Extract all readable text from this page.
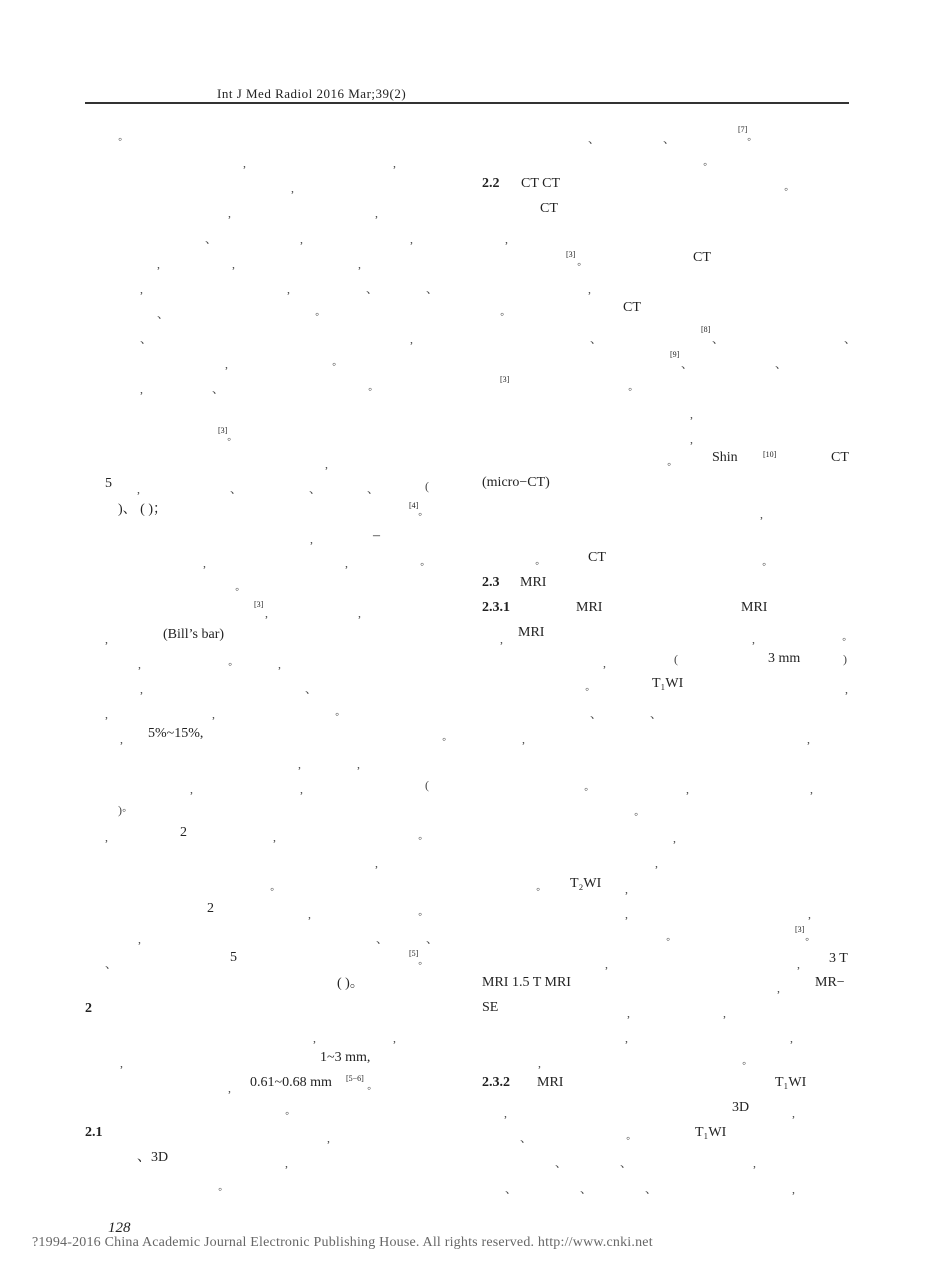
Int J Med Radiol 2016 Mar;39(2)
◦
,	,
,
,	,
、	,	,
,	,	,
,	,	、	、
、	◦
、	,
,	◦
,	、	◦
[3]
◦
,
5 ,	、	、	、	(
)、 ( )；	[4]
◦
,	–
,	,	◦
◦
[3]
,	,
,	(Bill’s bar)
,	◦	,
,	、
,	,	◦
, 5%~15%,	◦
,	,
,	,	(
)◦
,	2	,	◦
,
◦
2	,	◦
,	、	、
、	5	[5]
◦
( )。
2
,	,
,	1~3 mm,
, 0.61~0.68 mm [5−6]
◦
◦
2.1	,
、3D	,
◦
、	、
[7]
◦
◦
2.2 CT CT	◦
CT
,
[3]
◦	CT
,
◦	CT
、
[8]
、	、
[9]
、	、
[3]
◦
,
,
◦	Shin	[10]	CT
(micro−CT)
,
◦	CT	◦
2.3 MRI
2.3.1	MRI	MRI
, MRI	,	◦
,	(	3 mm	)
◦	T₁WI	,
、	、
,	,
◦	,	,
◦
,
,
◦ T₂WI ,
,	,
◦
[3]
◦
,	, 3 T
MRI 1.5 T MRI	,	MR−
SE	,	,
,	,
,	◦
2.3.2 MRI	T₁WI
,	3D	,
、	◦	T₁WI
、	、	,
、	、	、	,
128
?1994-2016 China Academic Journal Electronic Publishing House. All rights reserved. http://www.cnki.net
